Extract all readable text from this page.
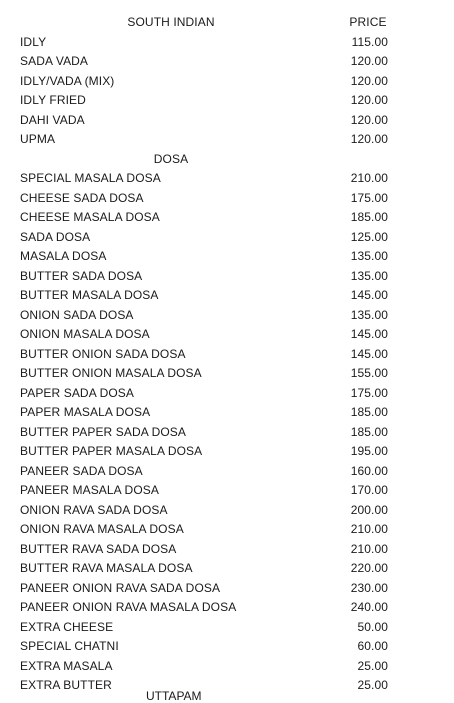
SOUTH INDIAN	PRICE
IDLY	115.00
SADA VADA	120.00
IDLY/VADA (MIX)	120.00
IDLY FRIED	120.00
DAHI VADA	120.00
UPMA	120.00
DOSA
SPECIAL MASALA DOSA	210.00
CHEESE SADA DOSA	175.00
CHEESE MASALA DOSA	185.00
SADA DOSA	125.00
MASALA DOSA	135.00
BUTTER SADA DOSA	135.00
BUTTER MASALA DOSA	145.00
ONION SADA DOSA	135.00
ONION MASALA DOSA	145.00
BUTTER ONION SADA DOSA	145.00
BUTTER ONION MASALA DOSA	155.00
PAPER SADA DOSA	175.00
PAPER MASALA DOSA	185.00
BUTTER PAPER SADA DOSA	185.00
BUTTER PAPER MASALA DOSA	195.00
PANEER SADA DOSA	160.00
PANEER MASALA DOSA	170.00
ONION RAVA SADA DOSA	200.00
ONION RAVA MASALA DOSA	210.00
BUTTER RAVA SADA DOSA	210.00
BUTTER RAVA MASALA DOSA	220.00
PANEER ONION RAVA SADA DOSA	230.00
PANEER ONION RAVA MASALA DOSA	240.00
EXTRA CHEESE	50.00
SPECIAL CHATNI	60.00
EXTRA MASALA	25.00
EXTRA BUTTER	25.00
UTTAPAM
